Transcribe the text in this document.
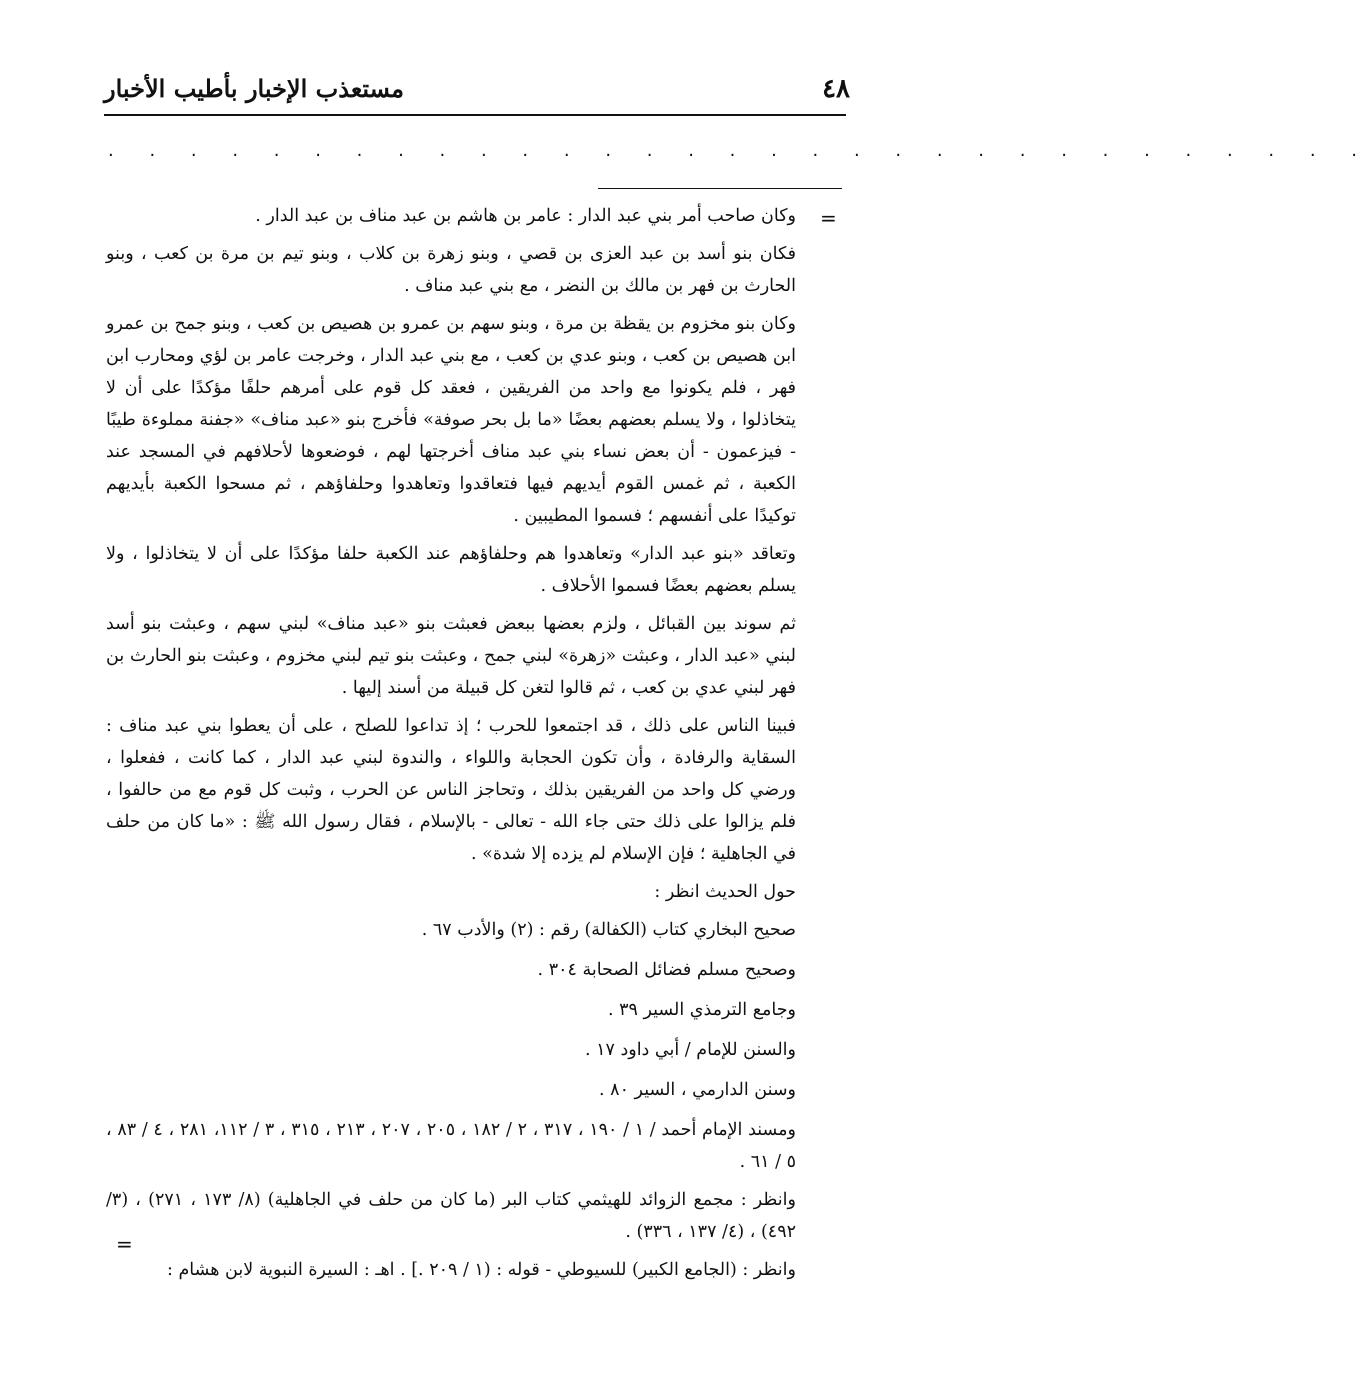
٤٨
مستعذب الإخبار بأطيب الأخبار
. . . . . . . . . . . . . . . . . . . . . . . . . . . . . . .
=

وكان صاحب أمر بني عبد الدار : عامر بن هاشم بن عبد مناف بن عبد الدار .

فكان بنو أسد بن عبد العزى بن قصي ، وبنو زهرة بن كلاب ، وبنو تيم بن مرة بن كعب ، وبنو الحارث بن فهر بن مالك بن النضر ، مع بني عبد مناف .

وكان بنو مخزوم بن يقظة بن مرة ، وبنو سهم بن عمرو بن هصيص بن كعب ، وبنو جمح بن عمرو ابن هصيص بن كعب ، وبنو عدي بن كعب ، مع بني عبد الدار ، وخرجت عامر بن لؤي ومحارب ابن فهر ، فلم يكونوا مع واحد من الفريقين ، فعقد كل قوم على أمرهم حلفًا مؤكدًا على أن لا يتخاذلوا ، ولا يسلم بعضهم بعضًا «ما بل بحر صوفة» فأخرج بنو «عبد مناف» «جفنة مملوءة طيبًا - فيزعمون - أن بعض نساء بني عبد مناف أخرجتها لهم ، فوضعوها لأحلافهم في المسجد عند الكعبة ، ثم غمس القوم أيديهم فيها فتعاقدوا وتعاهدوا وحلفاؤهم ، ثم مسحوا الكعبة بأيديهم توكيدًا على أنفسهم ؛ فسموا المطيبين .

وتعاقد «بنو عبد الدار» وتعاهدوا هم وحلفاؤهم عند الكعبة حلفا مؤكدًا على أن لا يتخاذلوا ، ولا يسلم بعضهم بعضًا فسموا الأحلاف .

ثم سوند بين القبائل ، ولزم بعضها ببعض فعبثت بنو «عبد مناف» لبني سهم ، وعبثت بنو أسد لبني «عبد الدار ، وعبثت «زهرة» لبني جمح ، وعبثت بنو تيم لبني مخزوم ، وعبثت بنو الحارث بن فهر لبني عدي بن كعب ، ثم قالوا لتغن كل قبيلة من أسند إليها .

فبينا الناس على ذلك ، قد اجتمعوا للحرب ؛ إذ تداعوا للصلح ، على أن يعطوا بني عبد مناف : السقاية والرفادة ، وأن تكون الحجابة واللواء ، والندوة لبني عبد الدار ، كما كانت ، ففعلوا ، ورضي كل واحد من الفريقين بذلك ، وتحاجز الناس عن الحرب ، وثبت كل قوم مع من حالفوا ، فلم يزالوا على ذلك حتى جاء الله - تعالى - بالإسلام ، فقال رسول الله ﷺ : «ما كان من حلف في الجاهلية ؛ فإن الإسلام لم يزده إلا شدة» .

حول الحديث انظر :

صحيح البخاري كتاب (الكفالة) رقم : (٢) والأدب ٦٧ .

وصحيح مسلم فضائل الصحابة ٣٠٤ .

وجامع الترمذي السير ٣٩ .

والسنن للإمام / أبي داود ١٧ .

وسنن الدارمي ، السير ٨٠ .

ومسند الإمام أحمد / ١ / ١٩٠ ، ٣١٧ ، ٢ / ١٨٢ ، ٢٠٥ ، ٢٠٧ ، ٢١٣ ، ٣١٥ ، ٣ / ١١٢، ٢٨١ ، ٤ / ٨٣ ، ٥ / ٦١ .

وانظر : مجمع الزوائد للهيثمي كتاب البر (ما كان من حلف في الجاهلية) (٨/ ١٧٣ ، ٢٧١) ، (٣/ ٤٩٢) ، (٤/ ١٣٧ ، ٣٣٦) .

وانظر : (الجامع الكبير) للسيوطي - قوله : (١ / ٢٠٩ .] . اهـ : السيرة النبوية لابن هشام :

=
